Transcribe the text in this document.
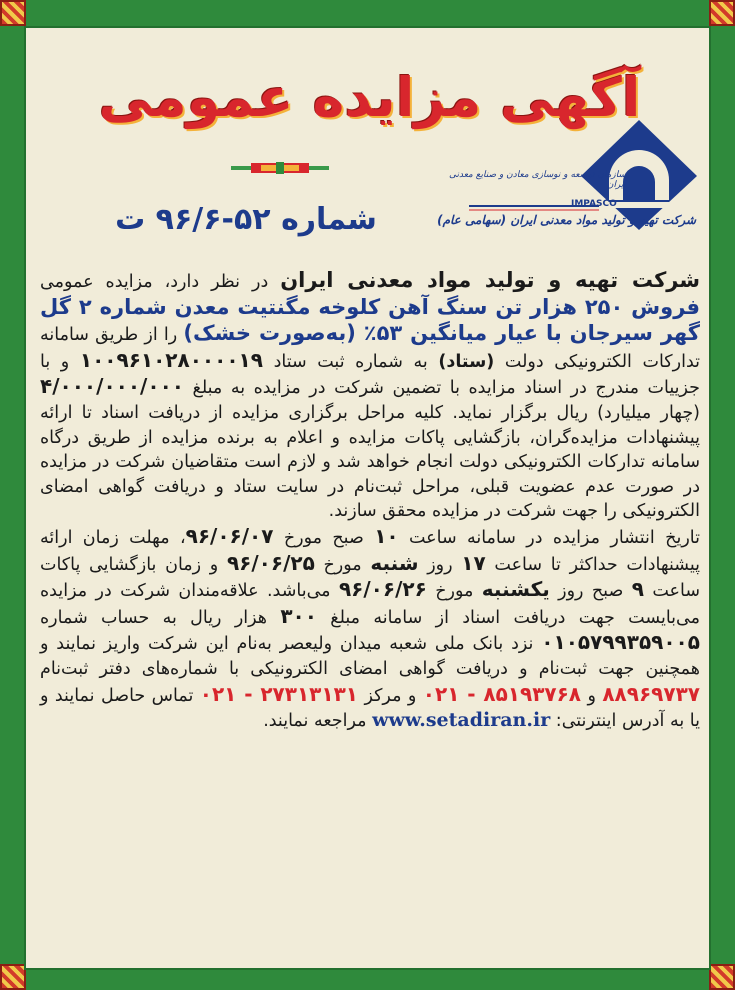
آگهی مزایده عمومی
شماره ۵۲-۹۶/۶ ت
سازمان توسعه و نوسازی معادن و صنایع معدنی ایران
IMPASCO
شرکت تهیه و تولید مواد معدنی ایران (سهامی عام)

شرکت تهیه و تولید مواد معدنی ایران در نظر دارد، مزایده عمومی فروش ۲۵۰ هزار تن سنگ آهن کلوخه مگنتیت معدن شماره ۲ گل گهر سیرجان با عیار میانگین ۵۳٪ (به‌صورت خشک) را از طریق سامانه تدارکات الکترونیکی دولت (ستاد) به شماره ثبت ستاد ۱۰۰۹۶۱۰۲۸۰۰۰۰۱۹ و با جزییات مندرج در اسناد مزایده با تضمین شرکت در مزایده به مبلغ ۴/۰۰۰/۰۰۰/۰۰۰ (چهار میلیارد) ریال برگزار نماید. کلیه مراحل برگزاری مزایده از دریافت اسناد تا ارائه پیشنهادات مزایده‌گران، بازگشایی پاکات مزایده و اعلام به برنده مزایده از طریق درگاه سامانه تدارکات الکترونیکی دولت انجام خواهد شد و لازم است متقاضیان شرکت در مزایده در صورت عدم عضویت قبلی، مراحل ثبت‌نام در سایت ستاد و دریافت گواهی امضای الکترونیکی را جهت شرکت در مزایده محقق سازند.

تاریخ انتشار مزایده در سامانه ساعت ۱۰ صبح مورخ ۹۶/۰۶/۰۷، مهلت زمان ارائه پیشنهادات حداکثر تا ساعت ۱۷ روز شنبه مورخ ۹۶/۰۶/۲۵ و زمان بازگشایی پاکات ساعت ۹ صبح روز یکشنبه مورخ ۹۶/۰۶/۲۶ می‌باشد. علاقه‌مندان شرکت در مزایده می‌بایست جهت دریافت اسناد از سامانه مبلغ ۳۰۰ هزار ریال به حساب شماره ۰۱۰۵۷۹۹۳۵۹۰۰۵ نزد بانک ملی شعبه میدان ولیعصر به‌نام این شرکت واریز نمایند و همچنین جهت ثبت‌نام و دریافت گواهی امضای الکترونیکی با شماره‌های دفتر ثبت‌نام ۸۸۹۶۹۷۳۷ و ۸۵۱۹۳۷۶۸ - ۰۲۱ و مرکز ۲۷۳۱۳۱۳۱ - ۰۲۱ تماس حاصل نمایند و یا به آدرس اینترنتی: www.setadiran.ir مراجعه نمایند.
